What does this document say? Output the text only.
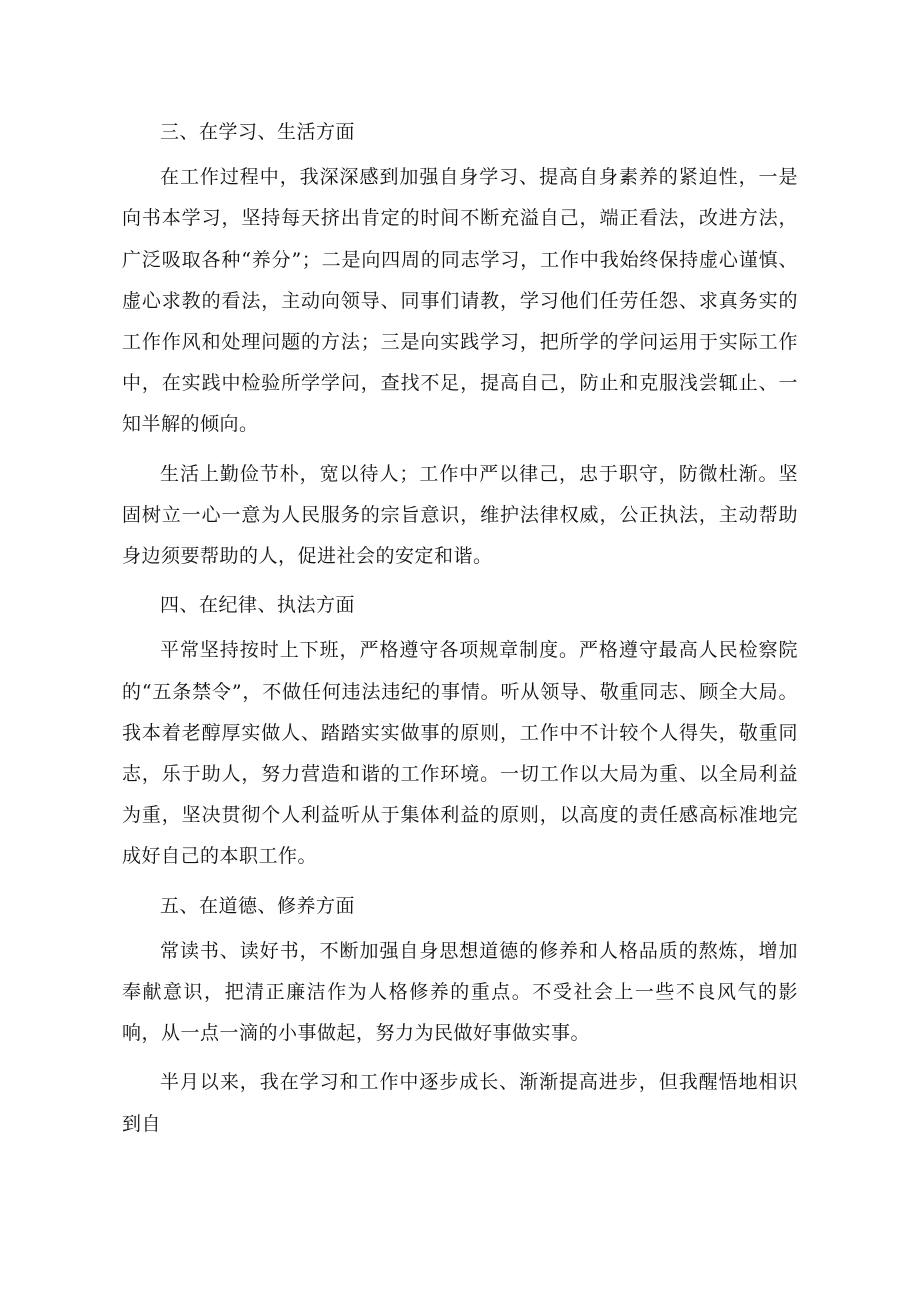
三、在学习、生活方面

在工作过程中，我深深感到加强自身学习、提高自身素养的紧迫性，一是向书本学习，坚持每天挤出肯定的时间不断充溢自己，端正看法，改进方法，广泛吸取各种“养分”；二是向四周的同志学习，工作中我始终保持虚心谨慎、虚心求教的看法，主动向领导、同事们请教，学习他们任劳任怨、求真务实的工作作风和处理问题的方法；三是向实践学习，把所学的学问运用于实际工作中，在实践中检验所学学问，查找不足，提高自己，防止和克服浅尝辄止、一知半解的倾向。

生活上勤俭节朴，宽以待人；工作中严以律己，忠于职守，防微杜渐。坚固树立一心一意为人民服务的宗旨意识，维护法律权威，公正执法，主动帮助身边须要帮助的人，促进社会的安定和谐。

四、在纪律、执法方面

平常坚持按时上下班，严格遵守各项规章制度。严格遵守最高人民检察院的“五条禁令”，不做任何违法违纪的事情。听从领导、敬重同志、顾全大局。我本着老醇厚实做人、踏踏实实做事的原则，工作中不计较个人得失，敬重同志，乐于助人，努力营造和谐的工作环境。一切工作以大局为重、以全局利益为重，坚决贯彻个人利益听从于集体利益的原则，以高度的责任感高标准地完成好自己的本职工作。

五、在道德、修养方面

常读书、读好书，不断加强自身思想道德的修养和人格品质的熬炼，增加奉献意识，把清正廉洁作为人格修养的重点。不受社会上一些不良风气的影响，从一点一滴的小事做起，努力为民做好事做实事。

半月以来，我在学习和工作中逐步成长、渐渐提高进步，但我醒悟地相识到自
